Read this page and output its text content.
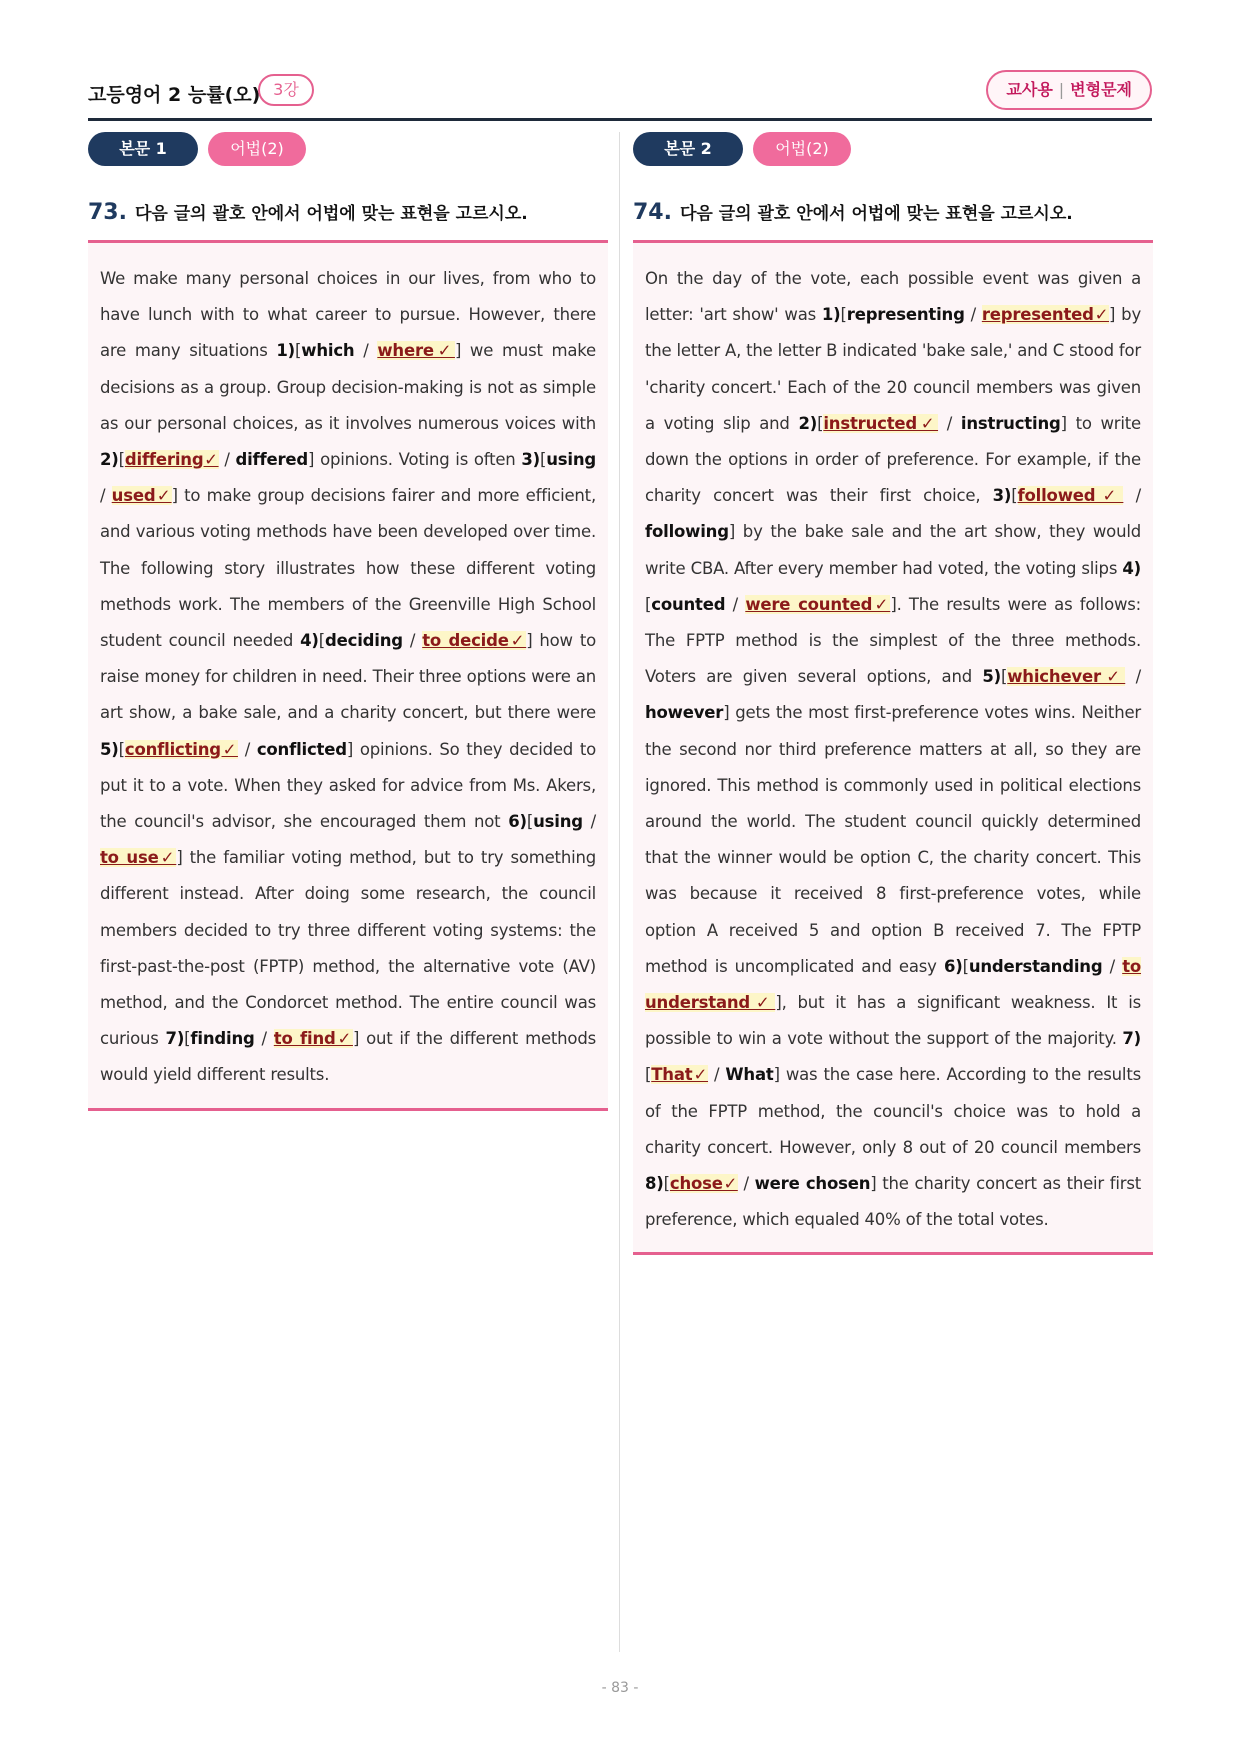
고등영어 2 능률(오) 3강	교사용 | 변형문제
본문 1	어법(2)
73. 다음 글의 괄호 안에서 어법에 맞는 표현을 고르시오.

We make many personal choices in our lives, from who to have lunch with to what career to pursue. However, there are many situations 1)[which / where✓] we must make decisions as a group. Group decision-making is not as simple as our personal choices, as it involves numerous voices with 2)[differing✓ / differed] opinions. Voting is often 3)[using / used✓] to make group decisions fairer and more efficient, and various voting methods have been developed over time. The following story illustrates how these different voting methods work. The members of the Greenville High School student council needed 4)[deciding / to decide✓] how to raise money for children in need. Their three options were an art show, a bake sale, and a charity concert, but there were 5)[conflicting✓ / conflicted] opinions. So they decided to put it to a vote. When they asked for advice from Ms. Akers, the council's advisor, she encouraged them not 6)[using / to use✓] the familiar voting method, but to try something different instead. After doing some research, the council members decided to try three different voting systems: the first-past-the-post (FPTP) method, the alternative vote (AV) method, and the Condorcet method. The entire council was curious 7)[finding / to find✓] out if the different methods would yield different results.

본문 2	어법(2)
74. 다음 글의 괄호 안에서 어법에 맞는 표현을 고르시오.

On the day of the vote, each possible event was given a letter: 'art show' was 1)[representing / represented✓] by the letter A, the letter B indicated 'bake sale,' and C stood for 'charity concert.' Each of the 20 council members was given a voting slip and 2)[instructed✓ / instructing] to write down the options in order of preference. For example, if the charity concert was their first choice, 3)[followed✓ / following] by the bake sale and the art show, they would write CBA. After every member had voted, the voting slips 4)[counted / were counted✓]. The results were as follows: The FPTP method is the simplest of the three methods. Voters are given several options, and 5)[whichever✓ / however] gets the most first-preference votes wins. Neither the second nor third preference matters at all, so they are ignored. This method is commonly used in political elections around the world. The student council quickly determined that the winner would be option C, the charity concert. This was because it received 8 first-preference votes, while option A received 5 and option B received 7. The FPTP method is uncomplicated and easy 6)[understanding / to understand✓], but it has a significant weakness. It is possible to win a vote without the support of the majority. 7)[That✓ / What] was the case here. According to the results of the FPTP method, the council's choice was to hold a charity concert. However, only 8 out of 20 council members 8)[chose✓ / were chosen] the charity concert as their first preference, which equaled 40% of the total votes.

- 83 -
